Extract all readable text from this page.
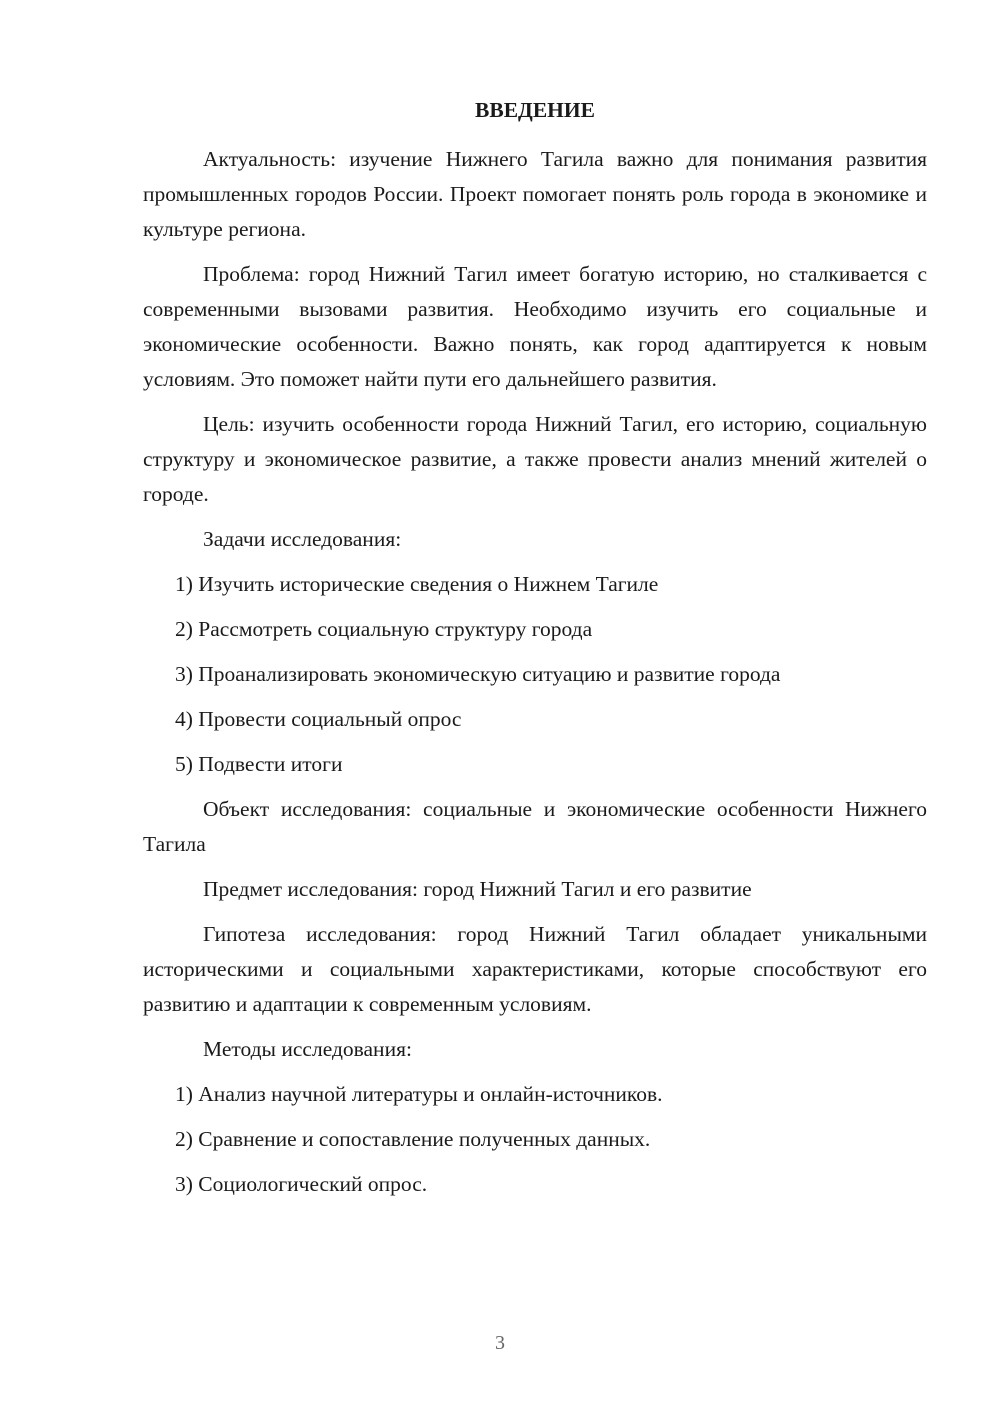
ВВЕДЕНИЕ
Актуальность: изучение Нижнего Тагила важно для понимания развития промышленных городов России. Проект помогает понять роль города в экономике и культуре региона.
Проблема: город Нижний Тагил имеет богатую историю, но сталкивается с современными вызовами развития. Необходимо изучить его социальные и экономические особенности. Важно понять, как город адаптируется к новым условиям. Это поможет найти пути его дальнейшего развития.
Цель: изучить особенности города Нижний Тагил, его историю, социальную структуру и экономическое развитие, а также провести анализ мнений жителей о городе.
Задачи исследования:
1) Изучить исторические сведения о Нижнем Тагиле
2) Рассмотреть социальную структуру города
3) Проанализировать экономическую ситуацию и развитие города
4) Провести социальный опрос
5) Подвести итоги
Объект исследования: социальные и экономические особенности Нижнего Тагила
Предмет исследования: город Нижний Тагил и его развитие
Гипотеза исследования: город Нижний Тагил обладает уникальными историческими и социальными характеристиками, которые способствуют его развитию и адаптации к современным условиям.
Методы исследования:
1) Анализ научной литературы и онлайн-источников.
2) Сравнение и сопоставление полученных данных.
3) Социологический опрос.
3
